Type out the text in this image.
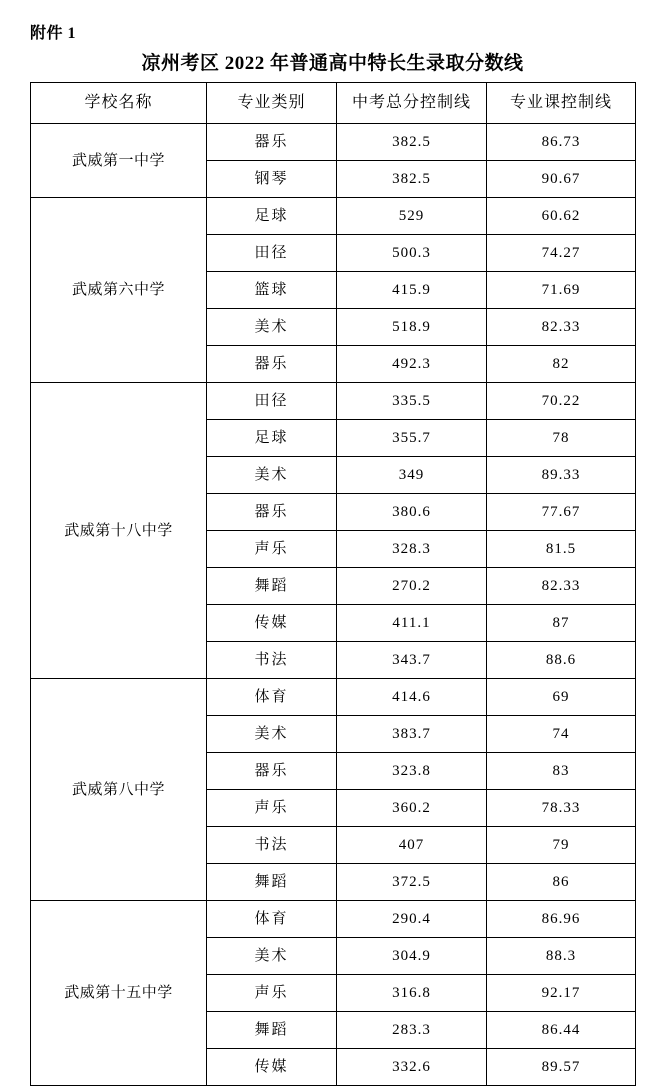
附件 1
凉州考区 2022 年普通高中特长生录取分数线
学校名称	专业类别	中考总分控制线	专业课控制线
武威第一中学	器乐	382.5	86.73
	钢琴	382.5	90.67
武威第六中学	足球	529	60.62
	田径	500.3	74.27
	篮球	415.9	71.69
	美术	518.9	82.33
	器乐	492.3	82
武威第十八中学	田径	335.5	70.22
	足球	355.7	78
	美术	349	89.33
	器乐	380.6	77.67
	声乐	328.3	81.5
	舞蹈	270.2	82.33
	传媒	411.1	87
	书法	343.7	88.6
武威第八中学	体育	414.6	69
	美术	383.7	74
	器乐	323.8	83
	声乐	360.2	78.33
	书法	407	79
	舞蹈	372.5	86
武威第十五中学	体育	290.4	86.96
	美术	304.9	88.3
	声乐	316.8	92.17
	舞蹈	283.3	86.44
	传媒	332.6	89.57
